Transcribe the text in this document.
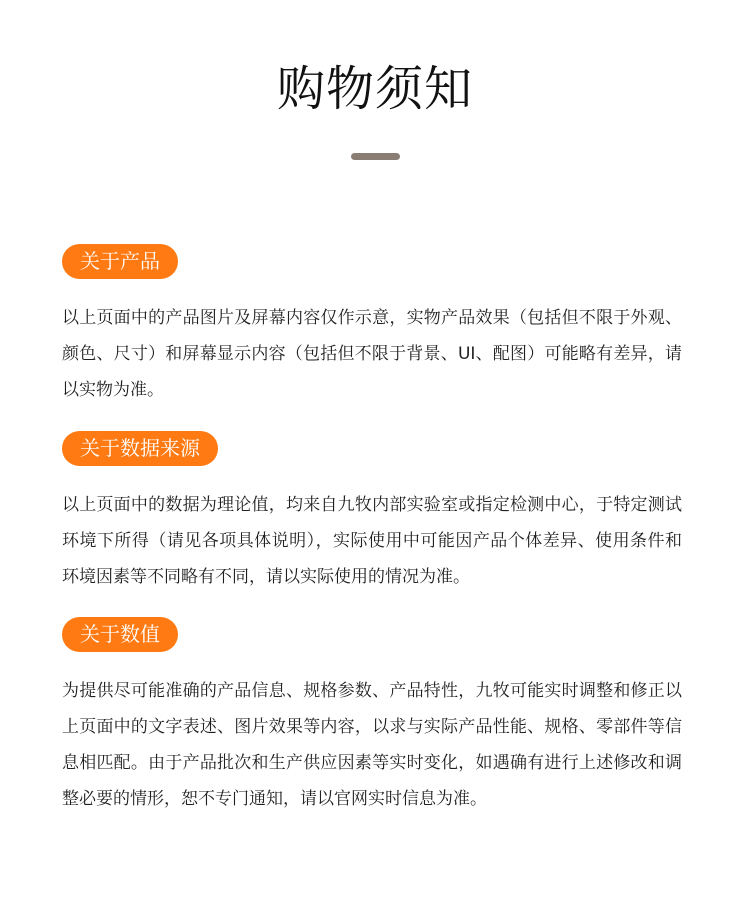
购物须知
关于产品

以上页面中的产品图片及屏幕内容仅作示意，实物产品效果（包括但不限于外观、颜色、尺寸）和屏幕显示内容（包括但不限于背景、UI、配图）可能略有差异，请以实物为准。

关于数据来源

以上页面中的数据为理论值，均来自九牧内部实验室或指定检测中心，于特定测试环境下所得（请见各项具体说明），实际使用中可能因产品个体差异、使用条件和环境因素等不同略有不同，请以实际使用的情况为准。

关于数值

为提供尽可能准确的产品信息、规格参数、产品特性，九牧可能实时调整和修正以上页面中的文字表述、图片效果等内容，以求与实际产品性能、规格、零部件等信息相匹配。由于产品批次和生产供应因素等实时变化，如遇确有进行上述修改和调整必要的情形，恕不专门通知，请以官网实时信息为准。
